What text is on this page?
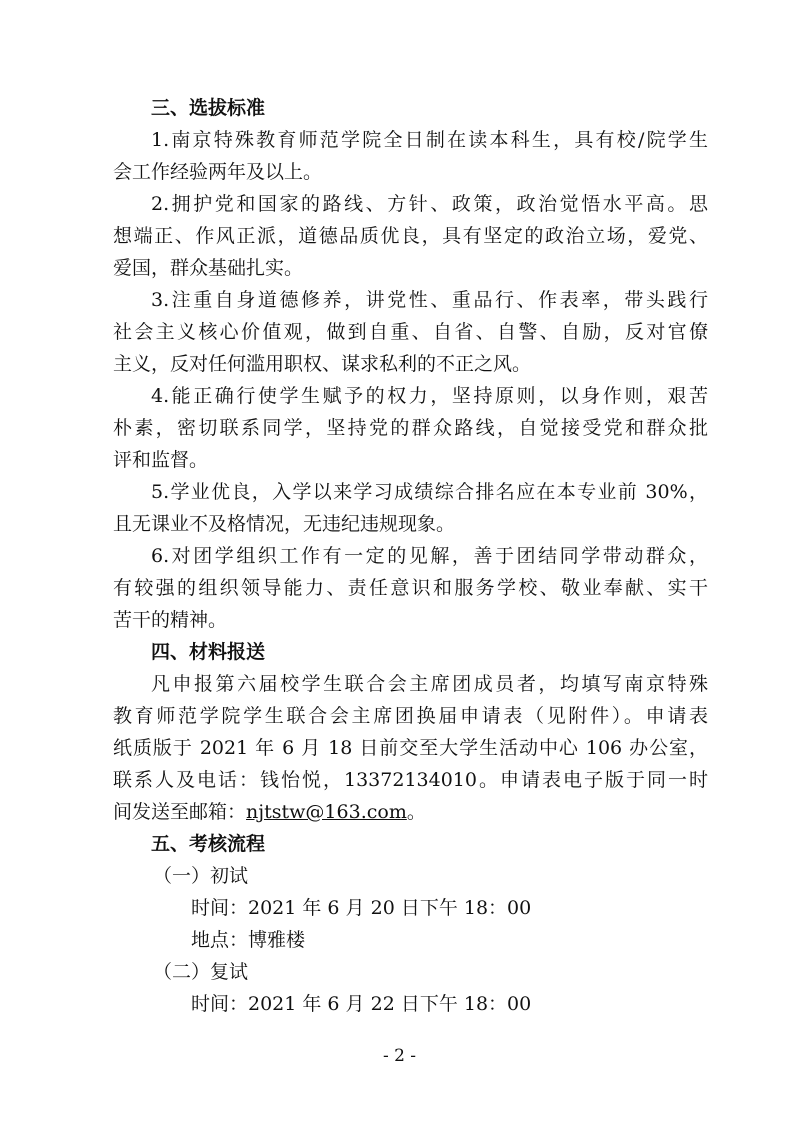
三、选拔标准
1.南京特殊教育师范学院全日制在读本科生，具有校/院学生
会工作经验两年及以上。
2.拥护党和国家的路线、方针、政策，政治觉悟水平高。思
想端正、作风正派，道德品质优良，具有坚定的政治立场，爱党、
爱国，群众基础扎实。
3.注重自身道德修养，讲党性、重品行、作表率，带头践行
社会主义核心价值观，做到自重、自省、自警、自励，反对官僚
主义，反对任何滥用职权、谋求私利的不正之风。
4.能正确行使学生赋予的权力，坚持原则，以身作则，艰苦
朴素，密切联系同学，坚持党的群众路线，自觉接受党和群众批
评和监督。
5.学业优良，入学以来学习成绩综合排名应在本专业前 30%，
且无课业不及格情况，无违纪违规现象。
6.对团学组织工作有一定的见解，善于团结同学带动群众，
有较强的组织领导能力、责任意识和服务学校、敬业奉献、实干
苦干的精神。
四、材料报送
凡申报第六届校学生联合会主席团成员者，均填写南京特殊
教育师范学院学生联合会主席团换届申请表（见附件）。申请表
纸质版于 2021 年 6 月 18 日前交至大学生活动中心 106 办公室，
联系人及电话：钱怡悦，13372134010。申请表电子版于同一时
间发送至邮箱：njtstw@163.com。
五、考核流程
（一）初试
时间：2021 年 6 月 20 日下午 18：00
地点：博雅楼
（二）复试
时间：2021 年 6 月 22 日下午 18：00
- 2 -
